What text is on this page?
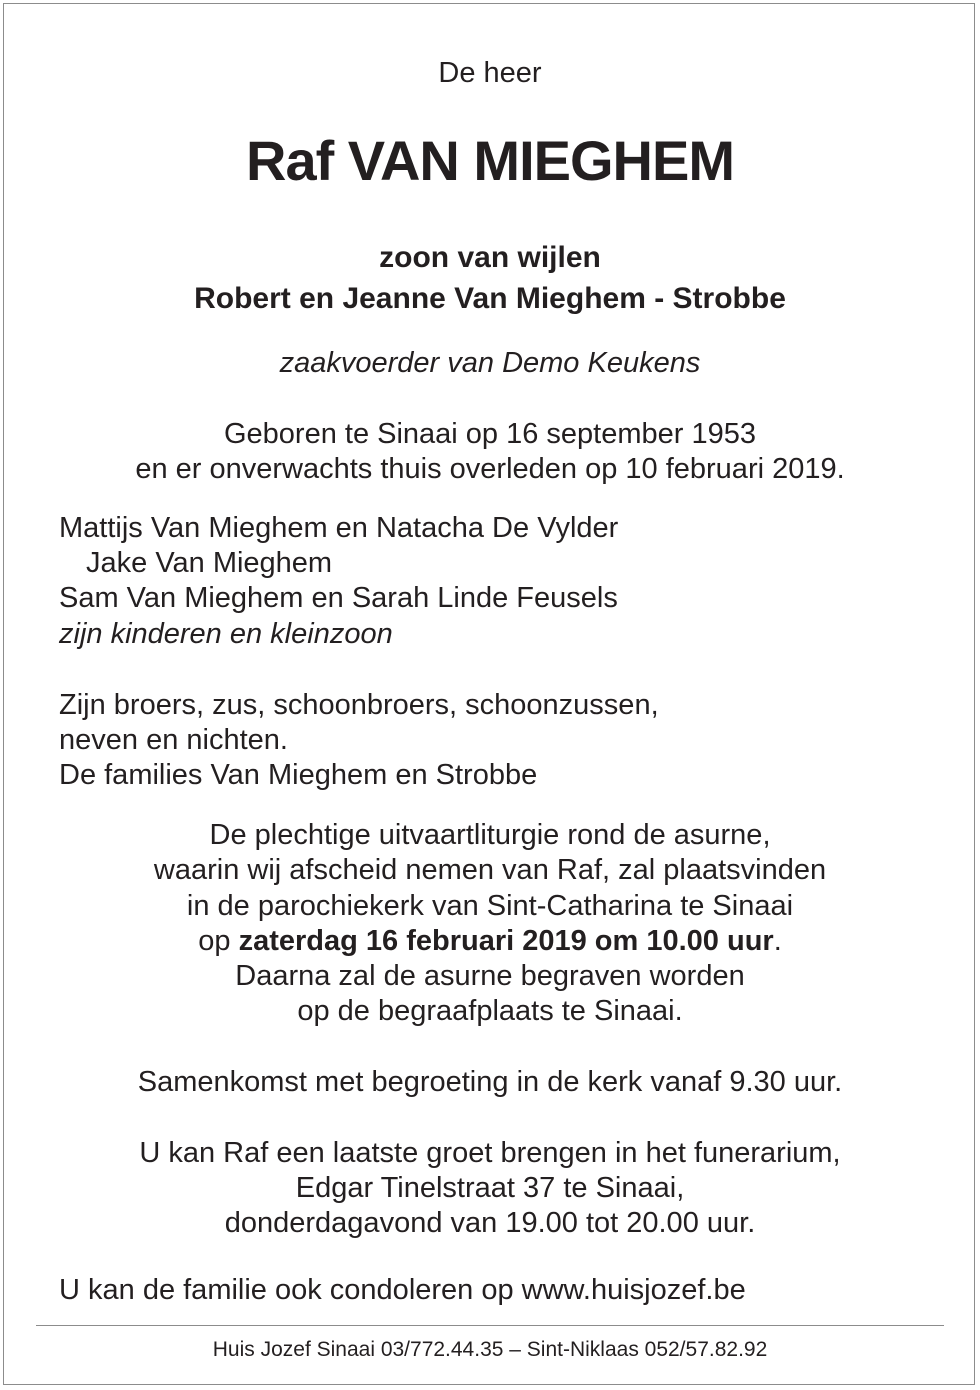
De heer
Raf VAN MIEGHEM
zoon van wijlen
Robert en Jeanne Van Mieghem - Strobbe
zaakvoerder van Demo Keukens
Geboren te Sinaai op 16 september 1953
en er onverwachts thuis overleden op 10 februari 2019.
Mattijs Van Mieghem en Natacha De Vylder
Jake Van Mieghem
Sam Van Mieghem en Sarah Linde Feusels
zijn kinderen en kleinzoon
Zijn broers, zus, schoonbroers, schoonzussen,
neven en nichten.
De families Van Mieghem en Strobbe
De plechtige uitvaartliturgie rond de asurne,
waarin wij afscheid nemen van Raf, zal plaatsvinden
in de parochiekerk van Sint-Catharina te Sinaai
op zaterdag 16 februari 2019 om 10.00 uur.
Daarna zal de asurne begraven worden
op de begraafplaats te Sinaai.
Samenkomst met begroeting in de kerk vanaf 9.30 uur.
U kan Raf een laatste groet brengen in het funerarium,
Edgar Tinelstraat 37 te Sinaai,
donderdagavond van 19.00 tot 20.00 uur.
U kan de familie ook condoleren op www.huisjozef.be
Huis Jozef Sinaai 03/772.44.35 – Sint-Niklaas 052/57.82.92
